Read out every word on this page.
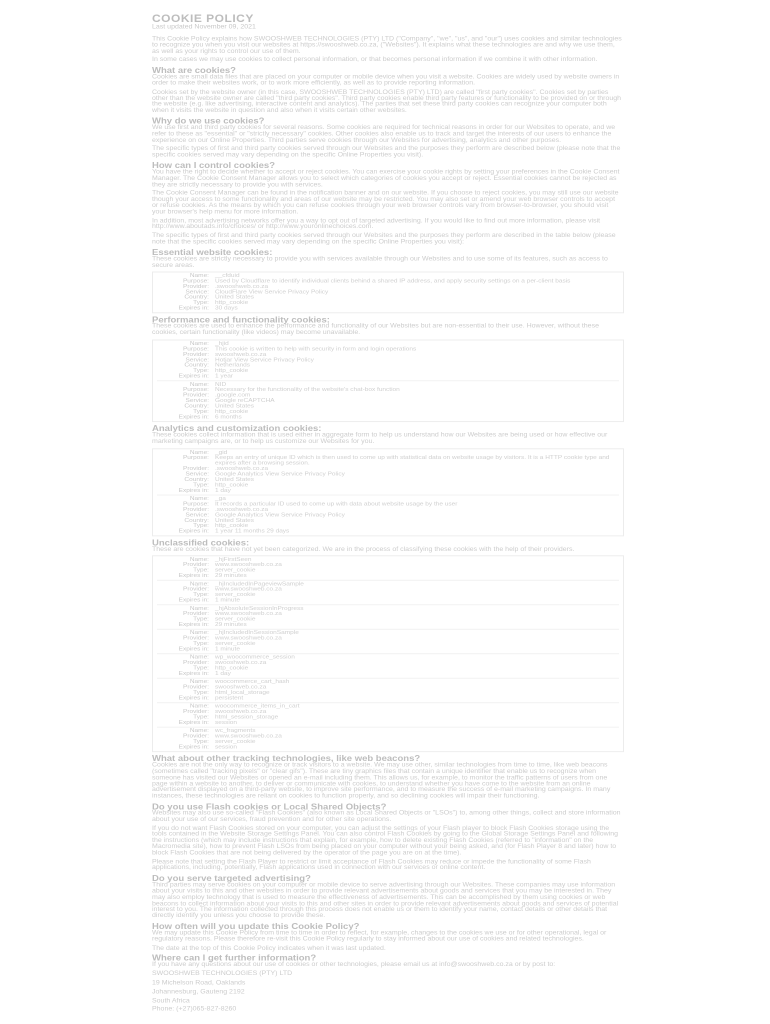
COOKIE POLICY
Last updated November 09, 2021

This Cookie Policy explains how SWOOSHWEB TECHNOLOGIES (PTY) LTD ("Company", "we", "us", and "our") uses cookies and similar technologies to recognize you when you visit our websites at https://swooshweb.co.za, ("Websites"). It explains what these technologies are and why we use them, as well as your rights to control our use of them.

In some cases we may use cookies to collect personal information, or that becomes personal information if we combine it with other information.

What are cookies?

Cookies are small data files that are placed on your computer or mobile device when you visit a website. Cookies are widely used by website owners in order to make their websites work, or to work more efficiently, as well as to provide reporting information.

Cookies set by the website owner (in this case, SWOOSHWEB TECHNOLOGIES (PTY) LTD) are called "first party cookies". Cookies set by parties other than the website owner are called "third party cookies". Third party cookies enable third party features or functionality to be provided on or through the website (e.g. like advertising, interactive content and analytics). The parties that set these third party cookies can recognize your computer both when it visits the website in question and also when it visits certain other websites.

Why do we use cookies?

We use first and third party cookies for several reasons. Some cookies are required for technical reasons in order for our Websites to operate, and we refer to these as "essential" or "strictly necessary" cookies. Other cookies also enable us to track and target the interests of our users to enhance the experience on our Online Properties. Third parties serve cookies through our Websites for advertising, analytics and other purposes.

The specific types of first and third party cookies served through our Websites and the purposes they perform are described below (please note that the specific cookies served may vary depending on the specific Online Properties you visit).

How can I control cookies?

You have the right to decide whether to accept or reject cookies. You can exercise your cookie rights by setting your preferences in the Cookie Consent Manager. The Cookie Consent Manager allows you to select which categories of cookies you accept or reject. Essential cookies cannot be rejected as they are strictly necessary to provide you with services.

The Cookie Consent Manager can be found in the notification banner and on our website. If you choose to reject cookies, you may still use our website though your access to some functionality and areas of our website may be restricted. You may also set or amend your web browser controls to accept or refuse cookies. As the means by which you can refuse cookies through your web browser controls vary from browser-to-browser, you should visit your browser's help menu for more information.

In addition, most advertising networks offer you a way to opt out of targeted advertising. If you would like to find out more information, please visit http://www.aboutads.info/choices/ or http://www.youronlinechoices.com.

The specific types of first and third party cookies served through our Websites and the purposes they perform are described in the table below (please note that the specific cookies served may vary depending on the specific Online Properties you visit):

Essential website cookies:

These cookies are strictly necessary to provide you with services available through our Websites and to use some of its features, such as access to secure areas.

Name: __cfduid
Purpose: Used by Cloudflare to identify individual clients behind a shared IP address, and apply security settings on a per-client basis
Provider: .swooshweb.co.za
Service: CloudFlare View Service Privacy Policy
Country: United States
Type: http_cookie
Expires in: 30 days
Performance and functionality cookies:

These cookies are used to enhance the performance and functionality of our Websites but are non-essential to their use. However, without these cookies, certain functionality (like videos) may become unavailable.

Name: _hjid
Purpose: This cookie is written to help with security in form and login operations
Provider: swooshweb.co.za
Service: Hotjar View Service Privacy Policy
Country: Netherlands
Type: http_cookie
Expires in: 1 year
Name: NID
Purpose: Necessary for the functionality of the website's chat-box function
Provider: .google.com
Service: Google reCAPTCHA
Country: United States
Type: http_cookie
Expires in: 6 months
Analytics and customization cookies:

These cookies collect information that is used either in aggregate form to help us understand how our Websites are being used or how effective our marketing campaigns are, or to help us customize our Websites for you.

Name: _gid
Purpose: Keeps an entry of unique ID which is then used to come up with statistical data on website usage by visitors. It is a HTTP cookie type and expires after a browsing session.
Provider: .swooshweb.co.za
Service: Google Analytics View Service Privacy Policy
Country: United States
Type: http_cookie
Expires in: 1 day
Name: _ga
Purpose: It records a particular ID used to come up with data about website usage by the user
Provider: .swooshweb.co.za
Service: Google Analytics View Service Privacy Policy
Country: United States
Type: http_cookie
Expires in: 1 year 11 months 29 days
Unclassified cookies:

These are cookies that have not yet been categorized. We are in the process of classifying these cookies with the help of their providers.

Name: _hjFirstSeen
Provider: www.swooshweb.co.za
Type: server_cookie
Expires in: 29 minutes
Name: _hjIncludedInPageviewSample
Provider: www.swooshweb.co.za
Type: server_cookie
Expires in: 1 minute
Name: _hjAbsoluteSessionInProgress
Provider: www.swooshweb.co.za
Type: server_cookie
Expires in: 29 minutes
Name: _hjIncludedInSessionSample
Provider: www.swooshweb.co.za
Type: server_cookie
Expires in: 1 minute
Name: wp_woocommerce_session
Provider: swooshweb.co.za
Type: http_cookie
Expires in: 1 day
Name: woocommerce_cart_hash
Provider: swooshweb.co.za
Type: html_local_storage
Expires in: persistent
Name: woocommerce_items_in_cart
Provider: swooshweb.co.za
Type: html_session_storage
Expires in: session
Name: wc_fragments
Provider: www.swooshweb.co.za
Type: server_cookie
Expires in: session
What about other tracking technologies, like web beacons?

Cookies are not the only way to recognize or track visitors to a website. We may use other, similar technologies from time to time, like web beacons (sometimes called "tracking pixels" or "clear gifs"). These are tiny graphics files that contain a unique identifier that enable us to recognize when someone has visited our Websites or opened an e-mail including them. This allows us, for example, to monitor the traffic patterns of users from one page within a website to another, to deliver or communicate with cookies, to understand whether you have come to the website from an online advertisement displayed on a third-party website, to improve site performance, and to measure the success of e-mail marketing campaigns. In many instances, these technologies are reliant on cookies to function properly, and so declining cookies will impair their functioning.

Do you use Flash cookies or Local Shared Objects?

Websites may also use so-called "Flash Cookies" (also known as Local Shared Objects or "LSOs") to, among other things, collect and store information about your use of our services, fraud prevention and for other site operations.

If you do not want Flash Cookies stored on your computer, you can adjust the settings of your Flash player to block Flash Cookies storage using the tools contained in the Website Storage Settings Panel. You can also control Flash Cookies by going to the Global Storage Settings Panel and following the instructions (which may include instructions that explain, for example, how to delete existing Flash Cookies (referred to "information" on the Macromedia site), how to prevent Flash LSOs from being placed on your computer without your being asked, and (for Flash Player 8 and later) how to block Flash Cookies that are not being delivered by the operator of the page you are on at the time).

Please note that setting the Flash Player to restrict or limit acceptance of Flash Cookies may reduce or impede the functionality of some Flash applications, including, potentially, Flash applications used in connection with our services or online content.

Do you serve targeted advertising?

Third parties may serve cookies on your computer or mobile device to serve advertising through our Websites. These companies may use information about your visits to this and other websites in order to provide relevant advertisements about goods and services that you may be interested in. They may also employ technology that is used to measure the effectiveness of advertisements. This can be accomplished by them using cookies or web beacons to collect information about your visits to this and other sites in order to provide relevant advertisements about goods and services of potential interest to you. The information collected through this process does not enable us or them to identify your name, contact details or other details that directly identify you unless you choose to provide these.

How often will you update this Cookie Policy?

We may update this Cookie Policy from time to time in order to reflect, for example, changes to the cookies we use or for other operational, legal or regulatory reasons. Please therefore re-visit this Cookie Policy regularly to stay informed about our use of cookies and related technologies.

The date at the top of this Cookie Policy indicates when it was last updated.

Where can I get further information?

If you have any questions about our use of cookies or other technologies, please email us at info@swooshweb.co.za or by post to:

SWOOSHWEB TECHNOLOGIES (PTY) LTD

19 Michelson Road, Oaklands

Johannesburg, Gauteng 2192

South Africa

Phone: (+27)065-827-8260
